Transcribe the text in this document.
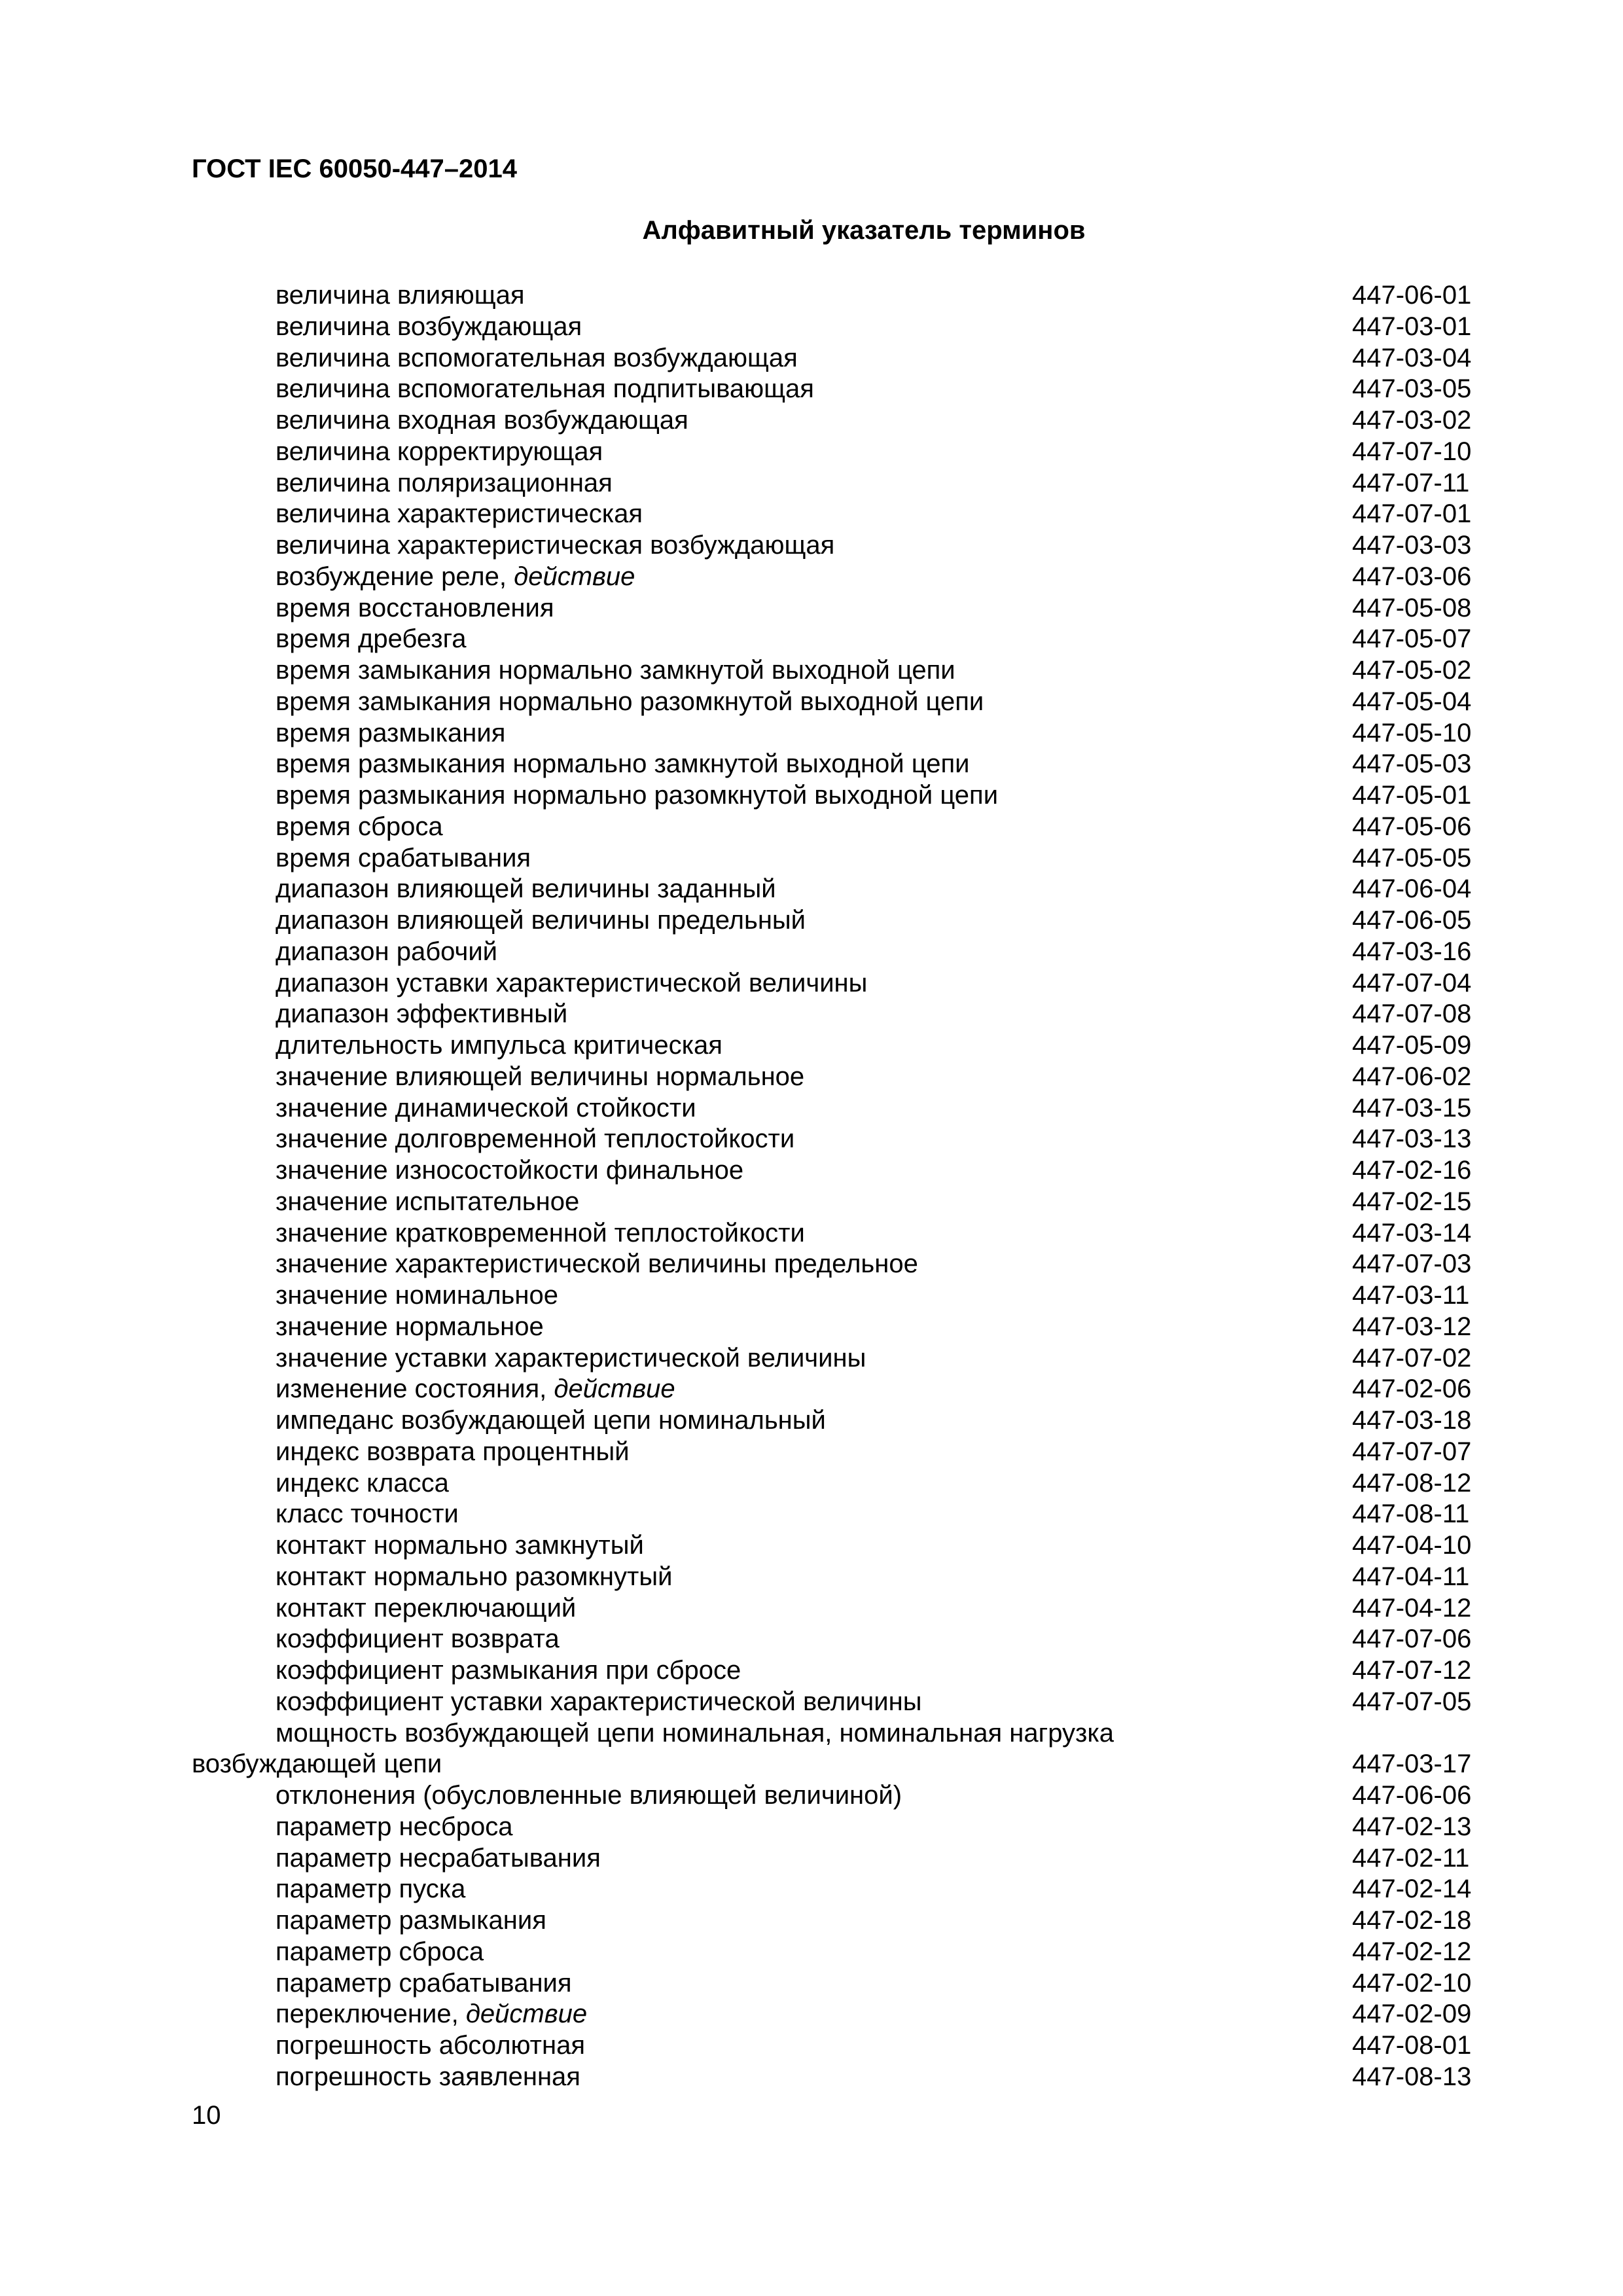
ГОСТ IEC 60050-447–2014
Алфавитный указатель терминов
величина влияющая	447-06-01
величина возбуждающая	447-03-01
величина вспомогательная возбуждающая	447-03-04
величина вспомогательная подпитывающая	447-03-05
величина входная возбуждающая	447-03-02
величина корректирующая	447-07-10
величина поляризационная	447-07-11
величина характеристическая	447-07-01
величина характеристическая возбуждающая	447-03-03
возбуждение реле, действие	447-03-06
время восстановления	447-05-08
время дребезга	447-05-07
время замыкания нормально замкнутой выходной цепи	447-05-02
время замыкания нормально разомкнутой выходной цепи	447-05-04
время размыкания	447-05-10
время размыкания нормально замкнутой выходной цепи	447-05-03
время размыкания нормально разомкнутой выходной цепи	447-05-01
время сброса	447-05-06
время срабатывания	447-05-05
диапазон влияющей величины заданный	447-06-04
диапазон влияющей величины предельный	447-06-05
диапазон рабочий	447-03-16
диапазон уставки характеристической величины	447-07-04
диапазон эффективный	447-07-08
длительность импульса критическая	447-05-09
значение влияющей величины нормальное	447-06-02
значение динамической стойкости	447-03-15
значение долговременной теплостойкости	447-03-13
значение износостойкости финальное	447-02-16
значение испытательное	447-02-15
значение кратковременной теплостойкости	447-03-14
значение характеристической величины предельное	447-07-03
значение номинальное	447-03-11
значение нормальное	447-03-12
значение уставки характеристической величины	447-07-02
изменение состояния, действие	447-02-06
импеданс возбуждающей цепи номинальный	447-03-18
индекс возврата процентный	447-07-07
индекс класса	447-08-12
класс точности	447-08-11
контакт нормально замкнутый	447-04-10
контакт нормально разомкнутый	447-04-11
контакт переключающий	447-04-12
коэффициент возврата	447-07-06
коэффициент размыкания при сбросе	447-07-12
коэффициент уставки характеристической величины	447-07-05
мощность возбуждающей цепи номинальная, номинальная нагрузка
возбуждающей цепи	447-03-17
отклонения (обусловленные влияющей величиной)	447-06-06
параметр несброса	447-02-13
параметр несрабатывания	447-02-11
параметр пуска	447-02-14
параметр размыкания	447-02-18
параметр сброса	447-02-12
параметр срабатывания	447-02-10
переключение, действие	447-02-09
погрешность абсолютная	447-08-01
погрешность заявленная	447-08-13
10
